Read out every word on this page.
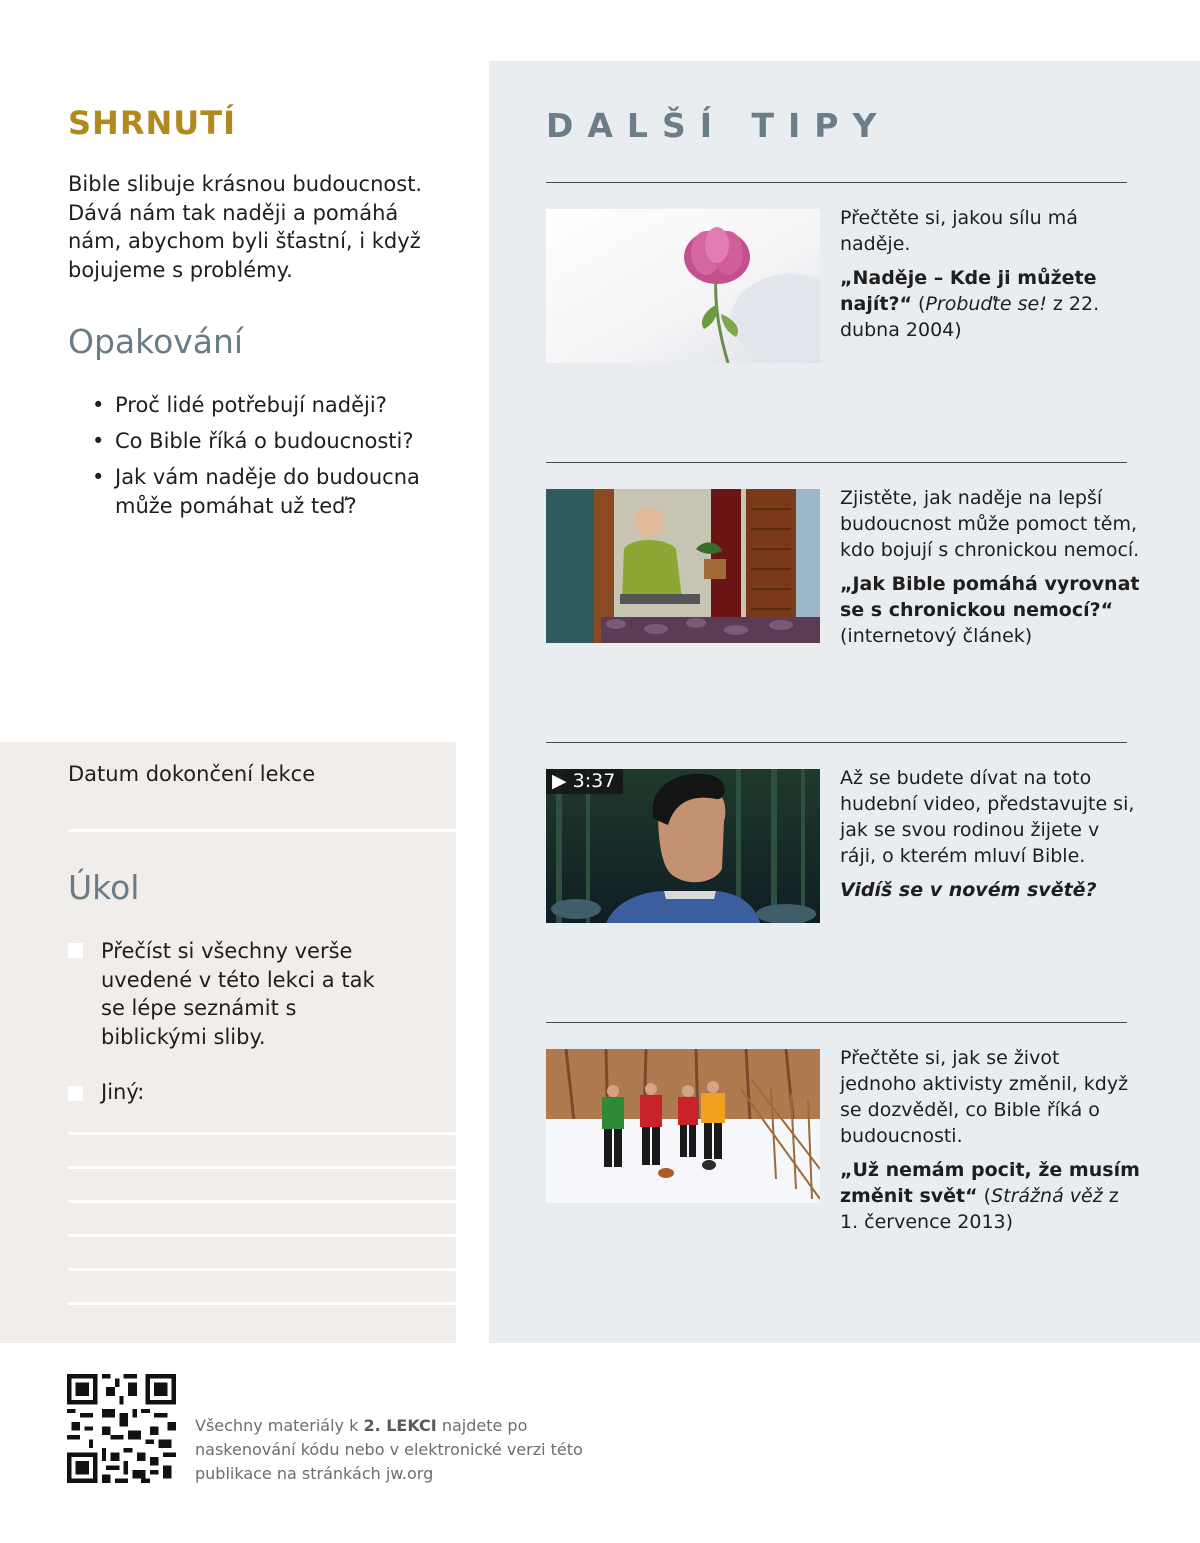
SHRNUTÍ

Bible slibuje krásnou budoucnost. Dává nám tak naději a pomáhá nám, abychom byli šťastní, i když bojujeme s problémy.

Opakování
• Proč lidé potřebují naději?
• Co Bible říká o budoucnosti?
• Jak vám naděje do budoucna může pomáhat už teď?
Datum dokončení lekce
Úkol
Přečíst si všechny verše uvedené v této lekci a tak se lépe seznámit s biblickými sliby.
Jiný:
DALŠÍ TIPY

Přečtěte si, jakou sílu má naděje.

„Naděje – Kde ji můžete najít?“ (Probuďte se! z 22. dubna 2004)

Zjistěte, jak naděje na lepší budoucnost může pomoct těm, kdo bojují s chronickou nemocí.

„Jak Bible pomáhá vyrovnat se s chronickou nemocí?“
(internetový článek)

▶ 3:37	Až se budete dívat na toto hudební video, představujte si, jak se svou rodinou žijete v ráji, o kterém mluví Bible.

Vidíš se v novém světě?

Přečtěte si, jak se život jednoho aktivisty změnil, když se dozvěděl, co Bible říká o budoucnosti.

„Už nemám pocit, že musím změnit svět“ (Strážná věž z 1. července 2013)

Všechny materiály k 2. LEKCI najdete po naskenování kódu nebo v elektronické verzi této publikace na stránkách jw.org
